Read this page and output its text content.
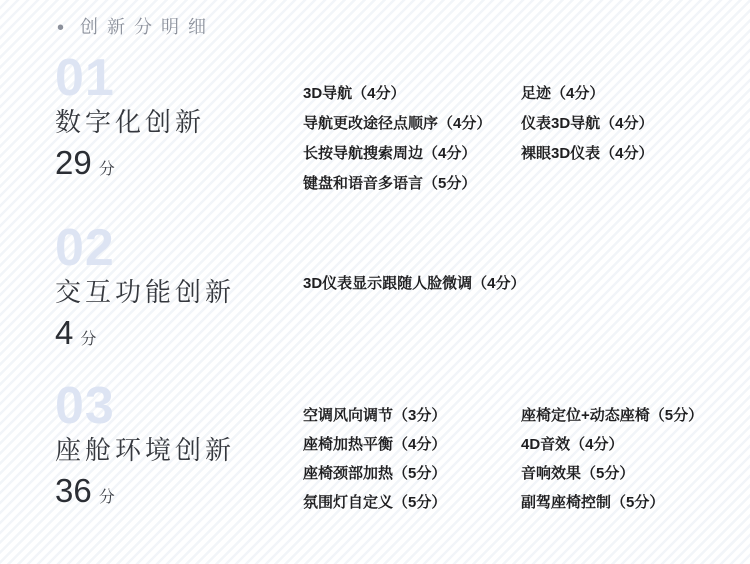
• 创新分明细
01
数字化创新
29 分
3D导航（4分）
导航更改途径点顺序（4分）
长按导航搜索周边（4分）
键盘和语音多语言（5分）
足迹（4分）
仪表3D导航（4分）
裸眼3D仪表（4分）
02
交互功能创新
4 分
3D仪表显示跟随人脸微调（4分）
03
座舱环境创新
36 分
空调风向调节（3分）
座椅加热平衡（4分）
座椅颈部加热（5分）
氛围灯自定义（5分）
座椅定位+动态座椅（5分）
4D音效（4分）
音响效果（5分）
副驾座椅控制（5分）
